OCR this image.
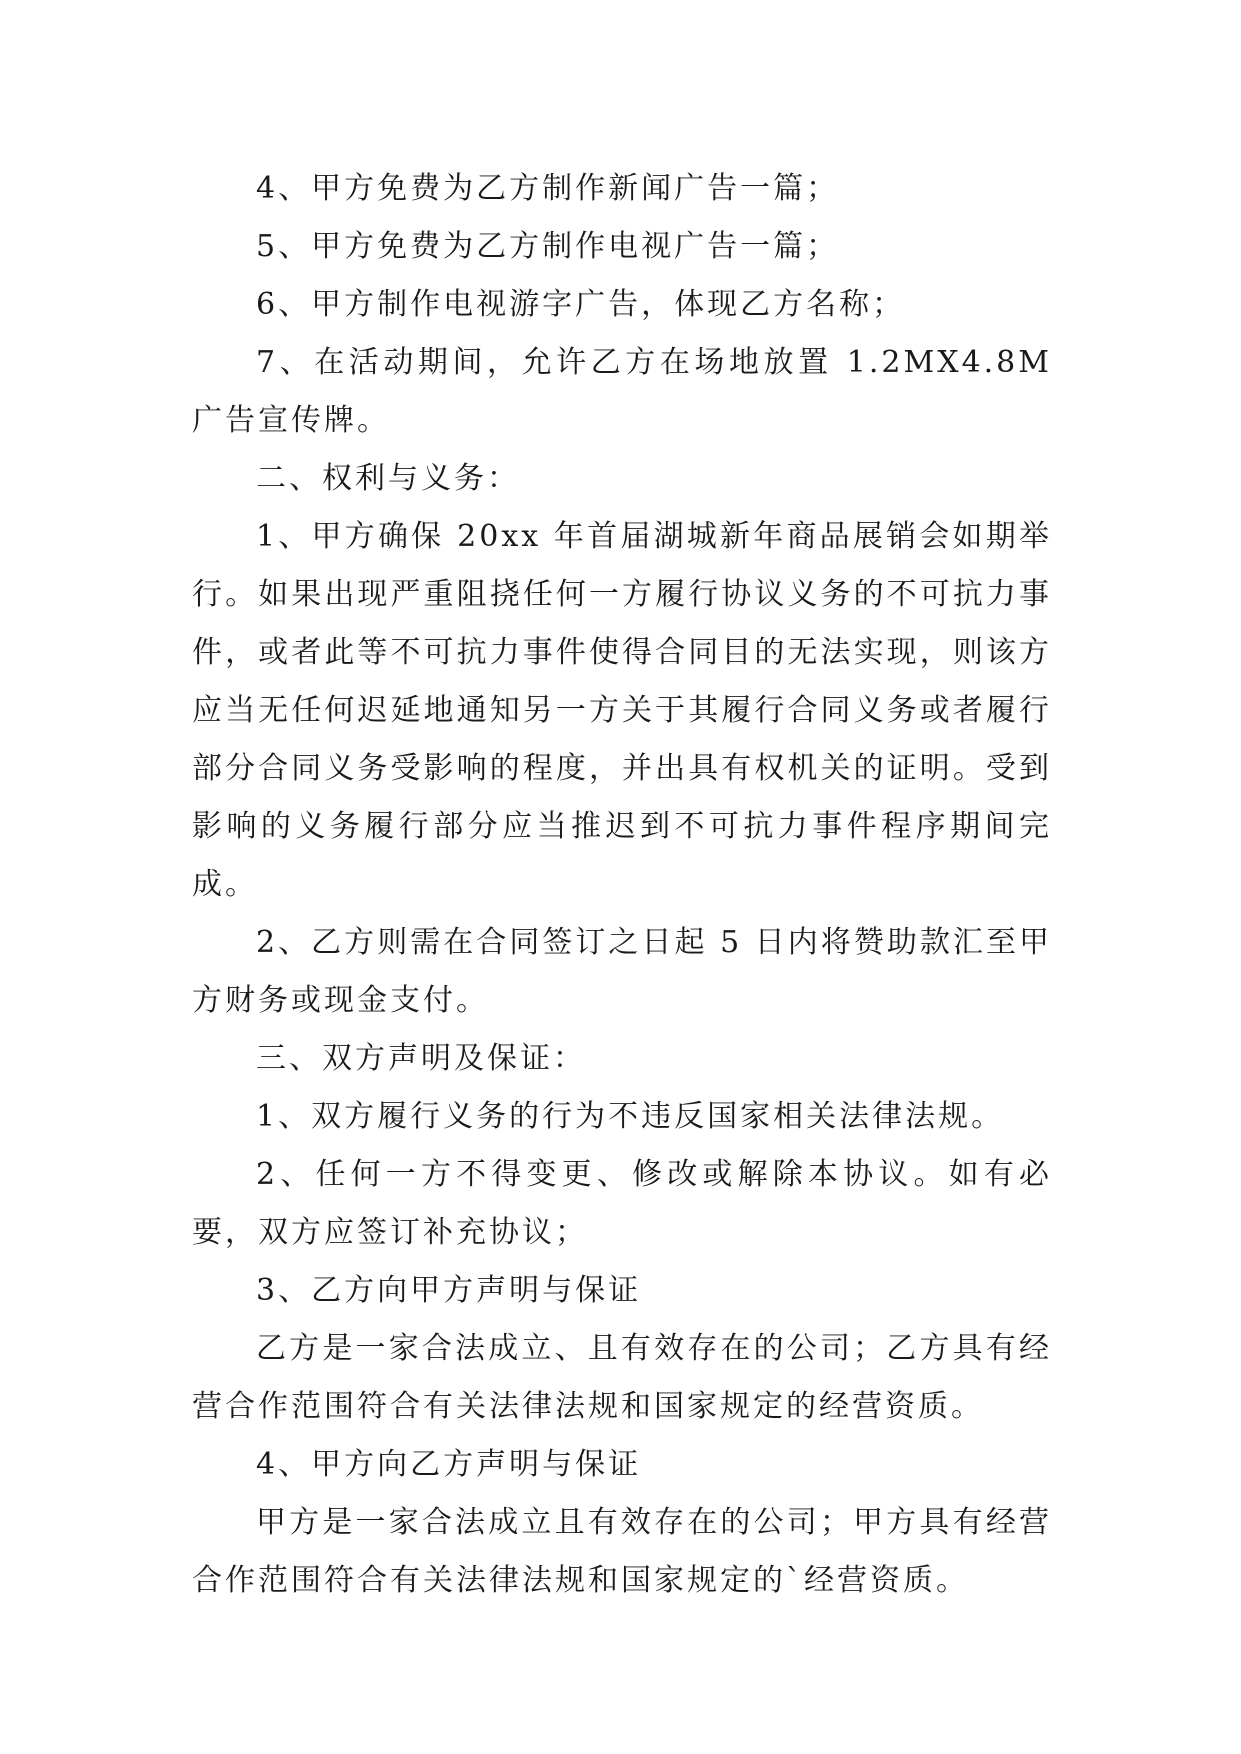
4、甲方免费为乙方制作新闻广告一篇；

5、甲方免费为乙方制作电视广告一篇；

6、甲方制作电视游字广告，体现乙方名称；

7、在活动期间，允许乙方在场地放置 1.2MX4.8M 广告宣传牌。

二、权利与义务：

1、甲方确保 20xx 年首届湖城新年商品展销会如期举行。如果出现严重阻挠任何一方履行协议义务的不可抗力事件，或者此等不可抗力事件使得合同目的无法实现，则该方应当无任何迟延地通知另一方关于其履行合同义务或者履行部分合同义务受影响的程度，并出具有权机关的证明。受到影响的义务履行部分应当推迟到不可抗力事件程序期间完成。

2、乙方则需在合同签订之日起 5 日内将赞助款汇至甲方财务或现金支付。

三、双方声明及保证：

1、双方履行义务的行为不违反国家相关法律法规。

2、任何一方不得变更、修改或解除本协议。如有必要，双方应签订补充协议；

3、乙方向甲方声明与保证

乙方是一家合法成立、且有效存在的公司；乙方具有经营合作范围符合有关法律法规和国家规定的经营资质。

4、甲方向乙方声明与保证

甲方是一家合法成立且有效存在的公司；甲方具有经营合作范围符合有关法律法规和国家规定的`经营资质。
